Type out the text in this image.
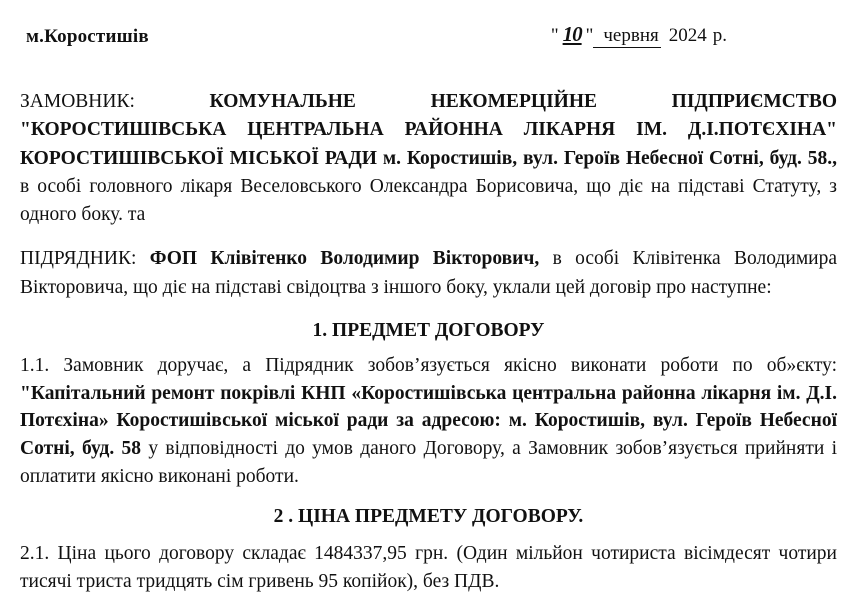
м.Коростишів	" 10 " червня 2024 р.

ЗАМОВНИК:	КОМУНАЛЬНЕ НЕКОМЕРЦІЙНЕ ПІДПРИЄМСТВО "КОРОСТИШІВСЬКА ЦЕНТРАЛЬНА РАЙОННА ЛІКАРНЯ ІМ. Д.І.ПОТЄХІНА" КОРОСТИШІВСЬКОЇ МІСЬКОЇ РАДИ м. Коростишів, вул. Героїв Небесної Сотні, буд. 58., в особі головного лікаря Веселовського Олександра Борисовича, що діє на підставі Статуту, з одного боку. та

ПІДРЯДНИК: ФОП Клівітенко Володимир Вікторович, в особі Клівітенка Володимира Вікторовича, що діє на підставі свідоцтва з іншого боку, уклали цей договір про наступне:

1. ПРЕДМЕТ ДОГОВОРУ

1.1. Замовник доручає, а Підрядник зобов’язується якісно виконати роботи по об»єкту: "Капітальний ремонт покрівлі КНП «Коростишівська центральна районна лікарня ім. Д.І. Потєхіна» Коростишівської міської ради за адресою: м. Коростишів, вул. Героїв Небесної Сотні, буд. 58 у відповідності до умов даного Договору, а Замовник зобов’язується прийняти і оплатити якісно виконані роботи.

2 . ЦІНА ПРЕДМЕТУ ДОГОВОРУ.

2.1. Ціна цього договору складає 1484337,95 грн. (Один мільйон чотириста вісімдесят чотири тисячі триста тридцять сім гривень 95 копійок), без ПДВ.
